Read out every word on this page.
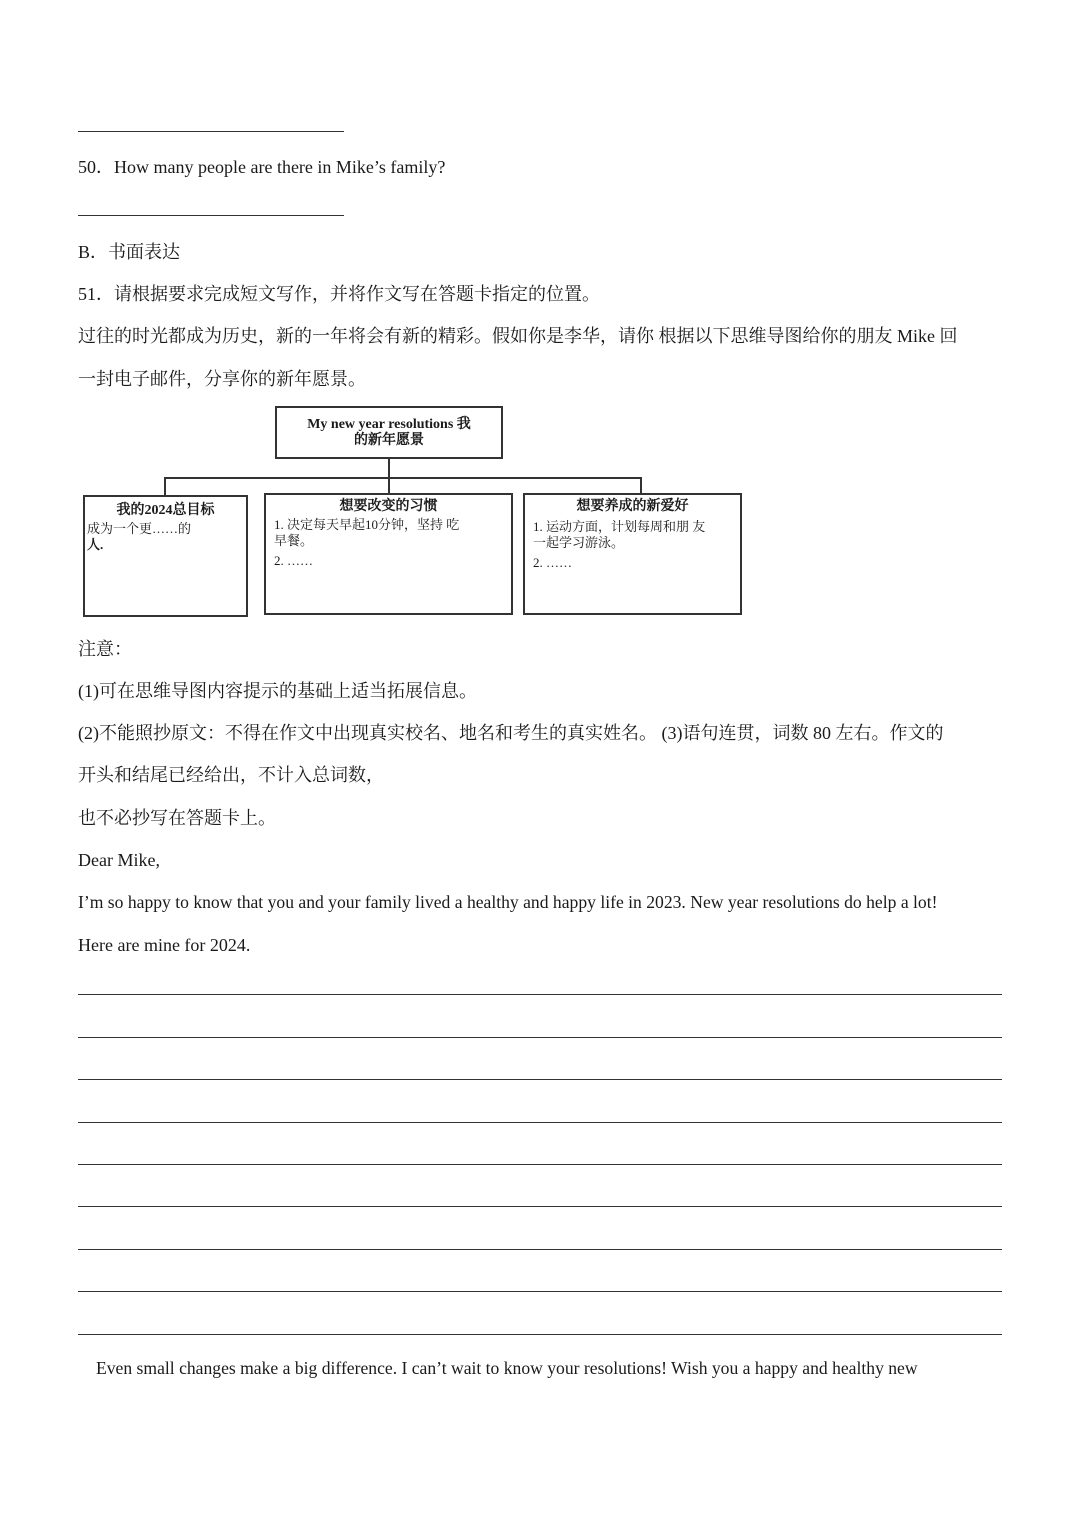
50．How many people are there in Mike’s family?
B．书面表达
51．请根据要求完成短文写作，并将作文写在答题卡指定的位置。
过往的时光都成为历史，新的一年将会有新的精彩。假如你是李华，请你 根据以下思维导图给你的朋友 Mike 回
一封电子邮件，分享你的新年愿景。
My new year resolutions 我
的新年愿景
我的2024总目标
成为一个更……的
人.
想要改变的习惯
1. 决定每天早起10分钟，坚持 吃
早餐。
2. ……
想要养成的新爱好
1. 运动方面，计划每周和朋 友
一起学习游泳。
2. ……
注意：
(1)可在思维导图内容提示的基础上适当拓展信息。
(2)不能照抄原文：不得在作文中出现真实校名、地名和考生的真实姓名。 (3)语句连贯，词数 80 左右。作文的
开头和结尾已经给出，不计入总词数，
也不必抄写在答题卡上。
Dear Mike,
I’m so happy to know that you and your family lived a healthy and happy life in 2023. New year resolutions do help a lot!
Here are mine for 2024.
Even small changes make a big difference. I can’t wait to know your resolutions! Wish you a happy and healthy new
